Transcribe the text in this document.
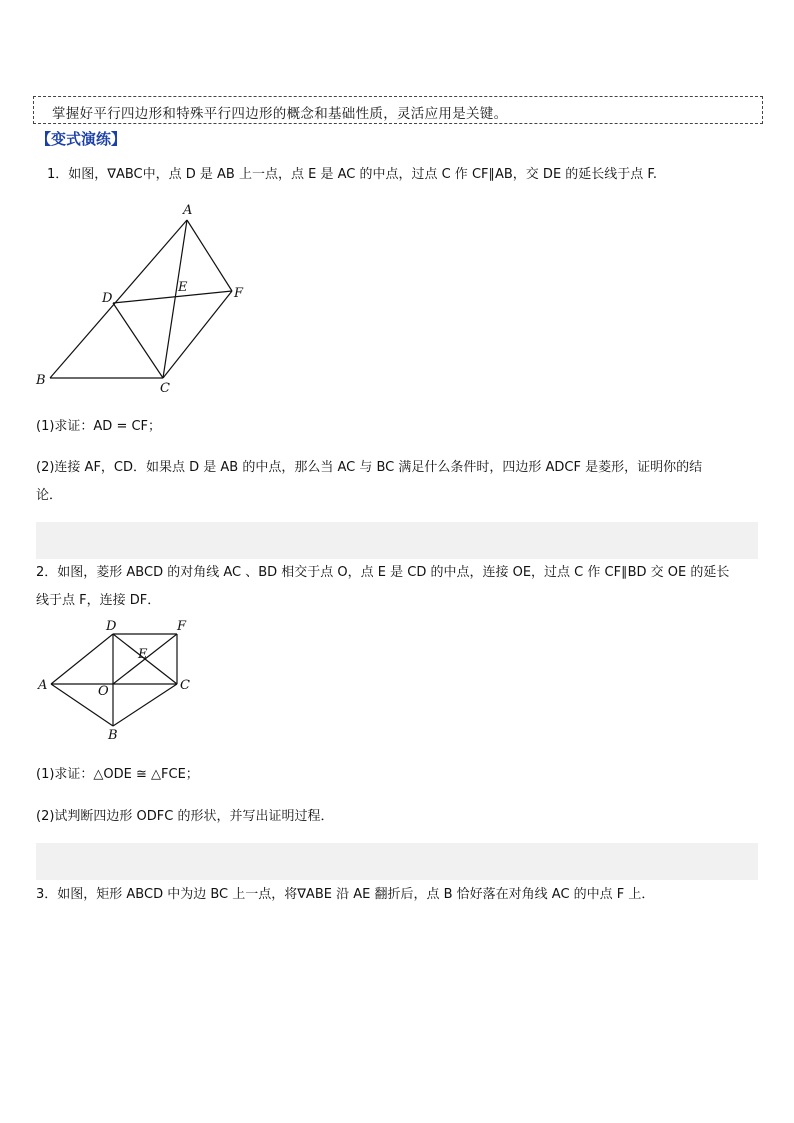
掌握好平行四边形和特殊平行四边形的概念和基础性质，灵活应用是关键。
【变式演练】
1．如图，∇ABC中，点 D 是 AB 上一点，点 E 是 AC 的中点，过点 C 作 CF∥AB，交 DE 的延长线于点 F.
A
B
C
D
E	F
(1)求证：AD = CF；
(2)连接 AF，CD．如果点 D 是 AB 的中点，那么当 AC 与 BC 满足什么条件时，四边形 ADCF 是菱形，证明你的结
论．
2．如图，菱形 ABCD 的对角线 AC 、BD 相交于点 O，点 E 是 CD 的中点，连接 OE，过点 C 作 CF∥BD 交 OE 的延长
线于点 F，连接 DF．
A
B
C
D
E
F
O
(1)求证：△ODE ≅ △FCE；
(2)试判断四边形 ODFC 的形状，并写出证明过程．
3．如图，矩形 ABCD 中为边 BC 上一点，将∇ABE 沿 AE 翻折后，点 B 恰好落在对角线 AC 的中点 F 上．
